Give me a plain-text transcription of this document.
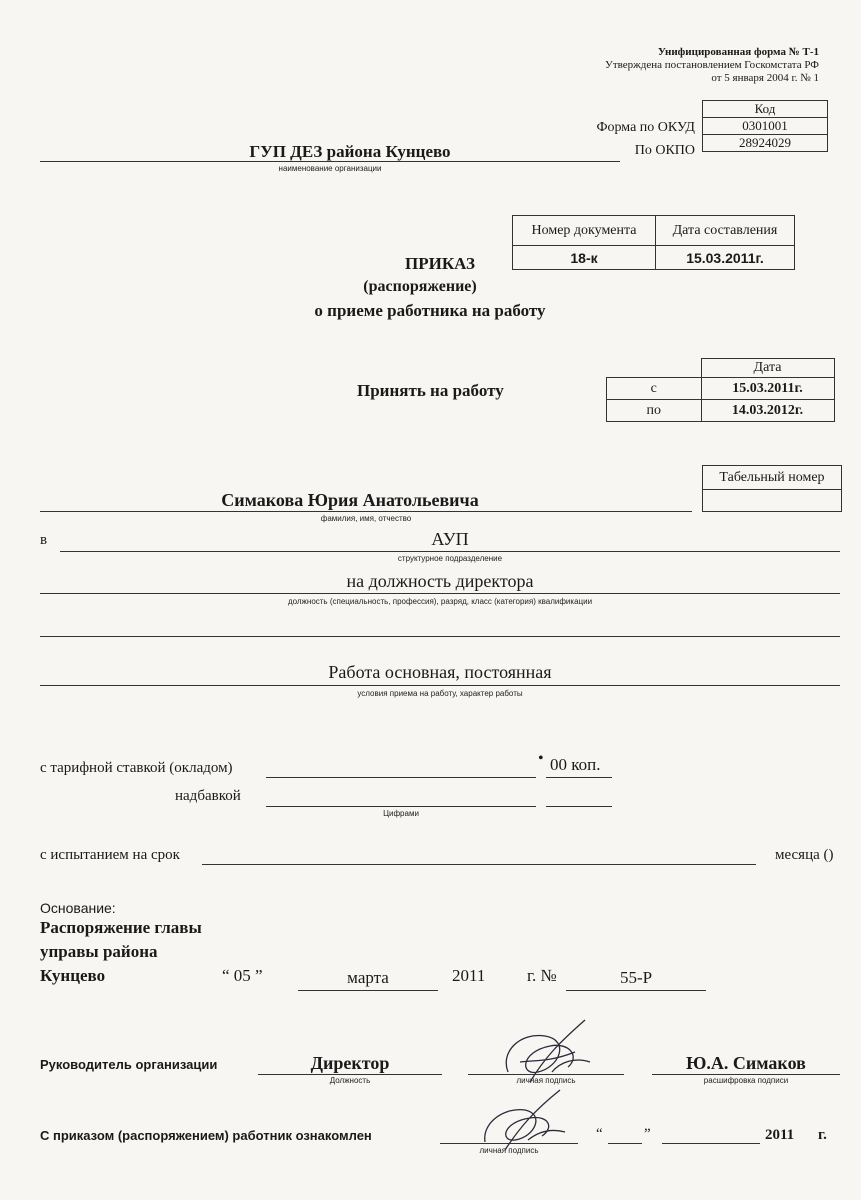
Унифицированная форма № Т-1
Утверждена постановлением Госкомстата РФ
от 5 января 2004 г. № 1
Код
0301001
28924029
Форма по ОКУД
По ОКПО
ГУП ДЕЗ района Кунцево
наименование организации
Номер документа	Дата составления
18-к	15.03.2011г.
ПРИКАЗ
(распоряжение)
о приеме работника на работу
Принять на работу
	Дата
с	15.03.2011г.
по	14.03.2012г.
Табельный номер

Симакова Юрия Анатольевича
фамилия, имя, отчество
в	АУП
структурное подразделение
на должность директора
должность (специальность, профессия), разряд, класс (категория) квалификации
Работа основная, постоянная
условия приема на работу, характер работы
с тарифной ставкой (окладом)
• 00 коп.
надбавкой
Цифрами
с испытанием на срок	месяца ()
Основание:
Распоряжение главы
управы района
Кунцево	“ 05 ”	марта	2011 г. №	55-Р
Руководитель организации	Директор
Должность	личная подпись
Ю.А. Симаков
расшифровка подписи
С приказом (распоряжением) работник ознакомлен
личная подпись
“	”	2011 г.
